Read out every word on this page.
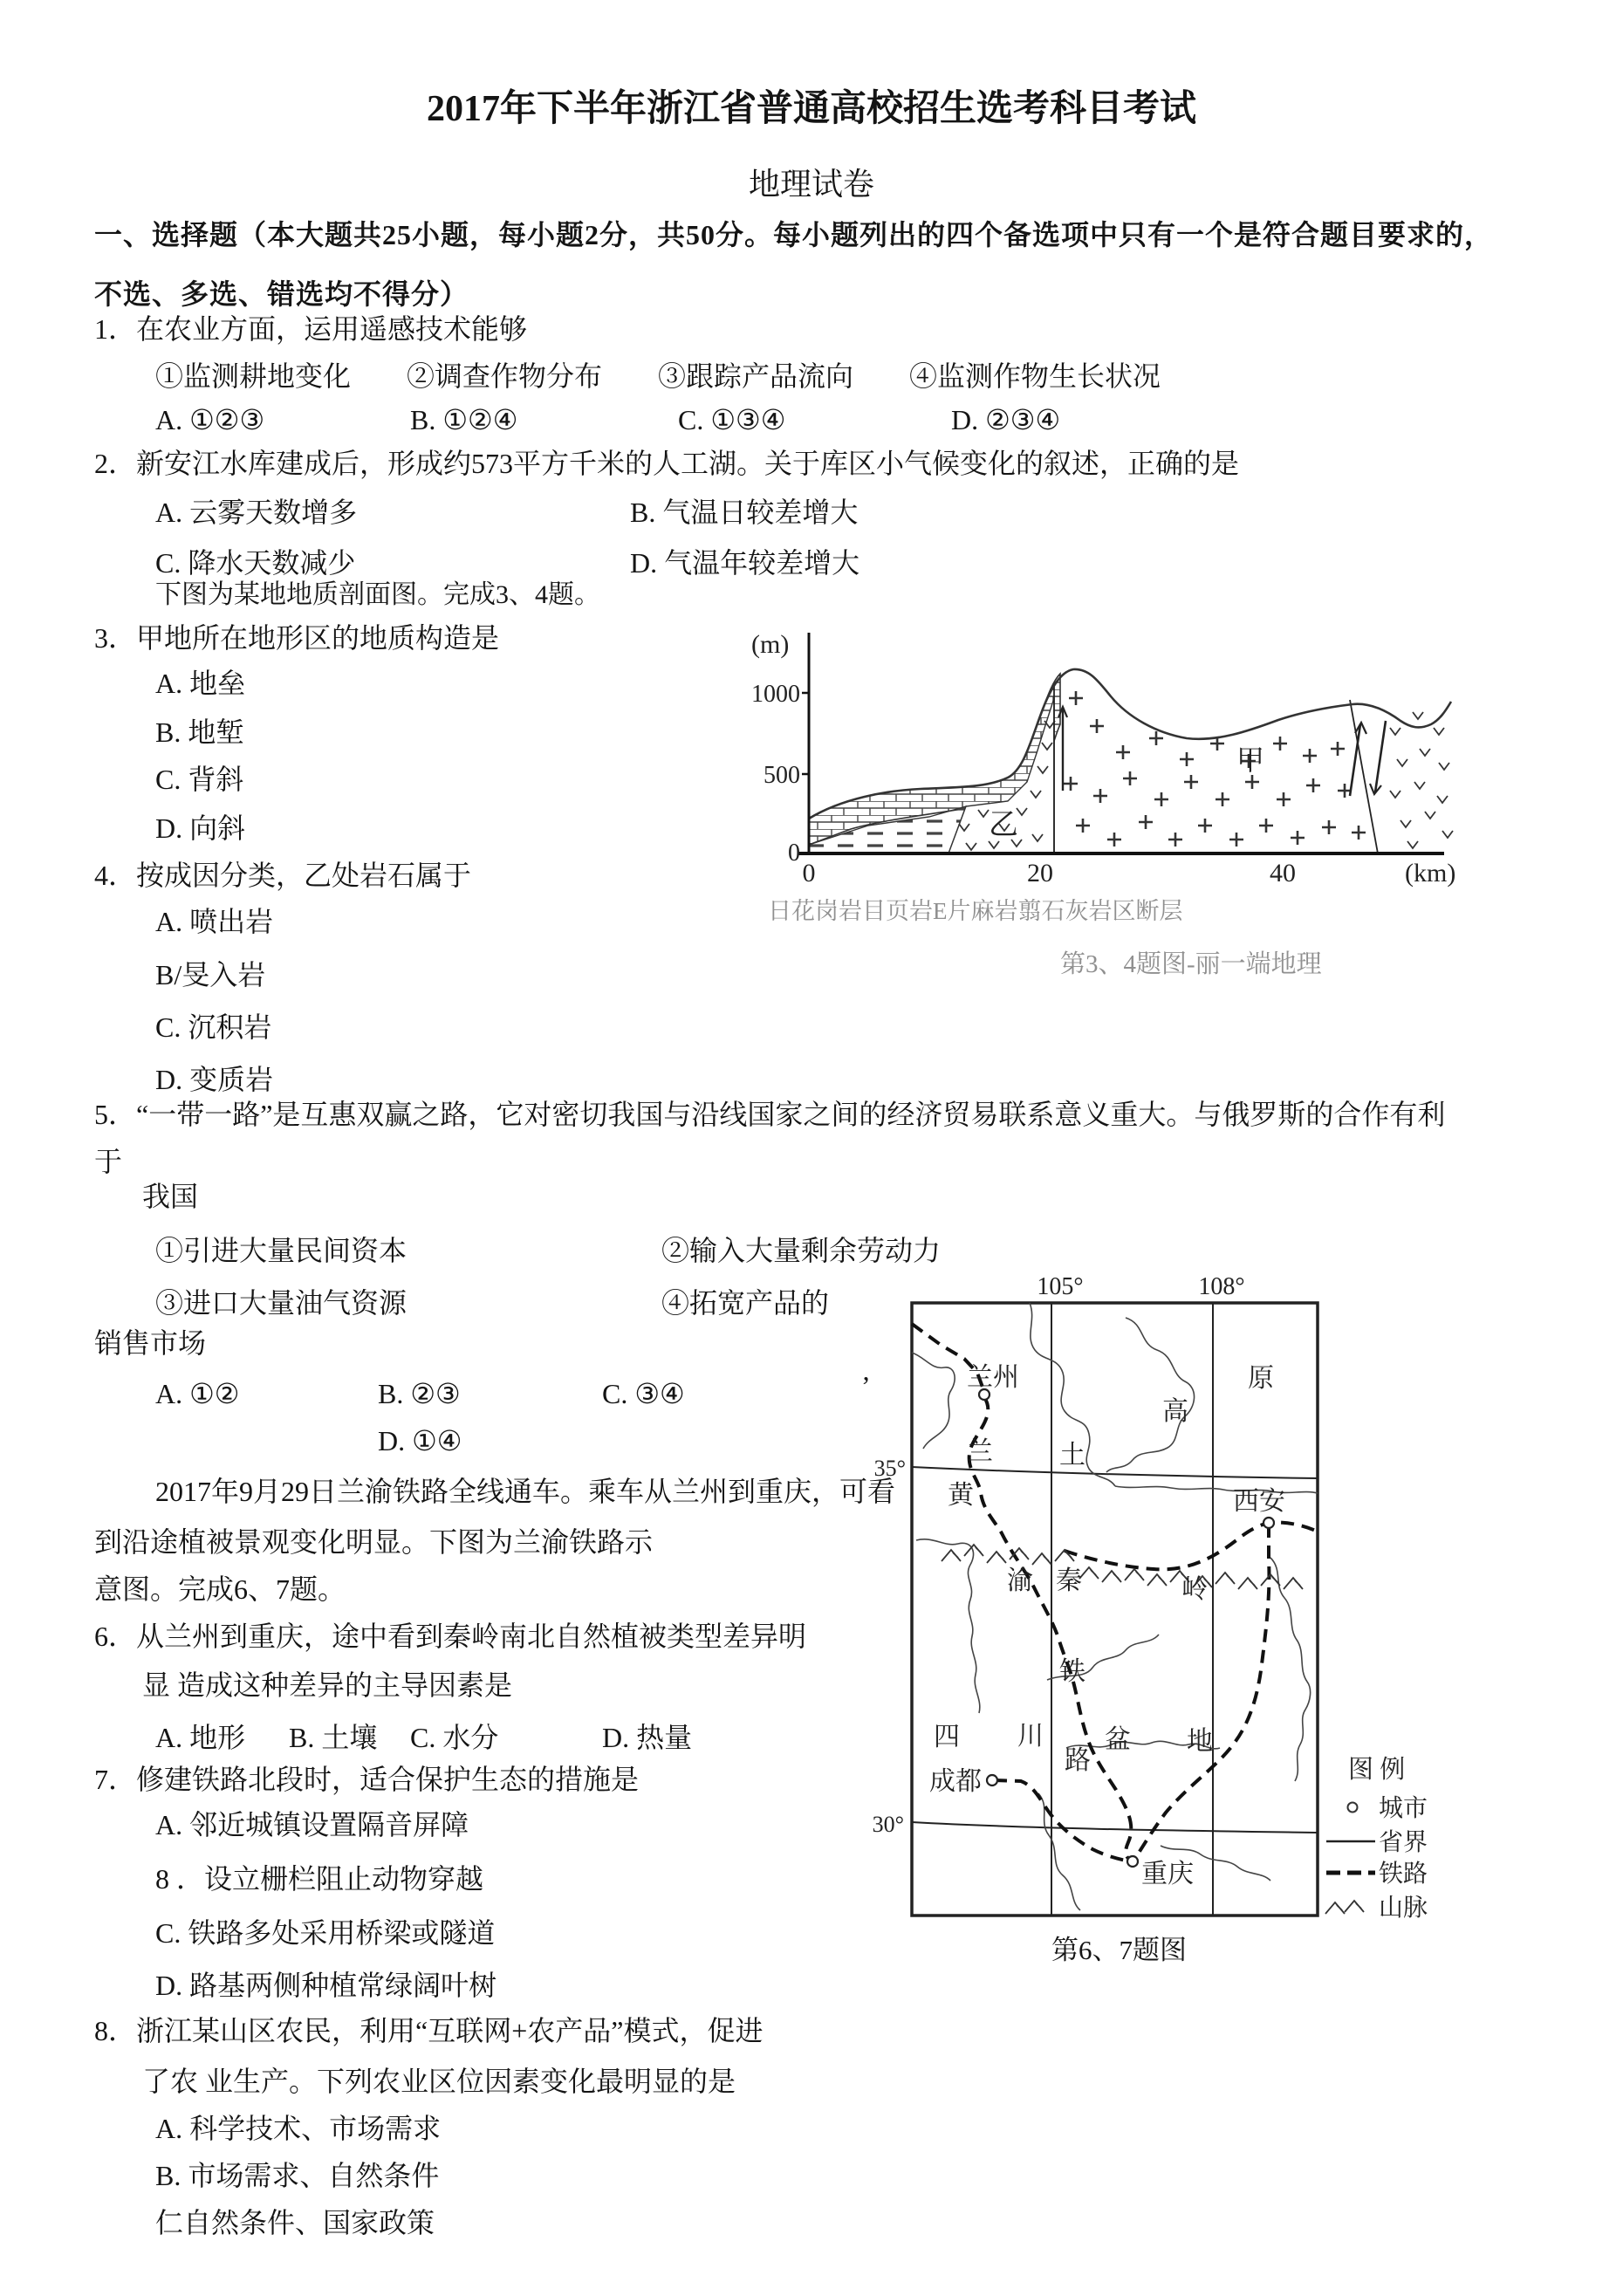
2017年下半年浙江省普通高校招生选考科目考试
地理试卷
一、选择题（本大题共25小题，每小题2分，共50分。每小题列出的四个备选项中只有一个是符合题目要求的，
不选、多选、错选均不得分）
1．在农业方面，运用遥感技术能够
①监测耕地变化　　②调查作物分布　　③跟踪产品流向　　④监测作物生长状况
A. ①②③	B. ①②④	C. ①③④	D. ②③④
2．新安江水库建成后，形成约573平方千米的人工湖。关于库区小气候变化的叙述，正确的是
A. 云雾天数增多	B. 气温日较差增大
C. 降水天数减少	D. 气温年较差增大
下图为某地地质剖面图。完成3、4题。
3．甲地所在地形区的地质构造是
A. 地垒
B. 地堑
C. 背斜
D. 向斜
4．按成因分类，乙处岩石属于
A. 喷出岩
B/旻入岩
C. 沉积岩
D. 变质岩
5．“一带一路”是互惠双赢之路，它对密切我国与沿线国家之间的经济贸易联系意义重大。与俄罗斯的合作有利
于
我国
①引进大量民间资本	②输入大量剩余劳动力
③进口大量油气资源	④拓宽产品的
销售市场
A. ①②	B. ②③	C. ③④	’
D. ①④
2017年9月29日兰渝铁路全线通车。乘车从兰州到重庆，可看
到沿途植被景观变化明显。下图为兰渝铁路示
意图。完成6、7题。
6．从兰州到重庆，途中看到秦岭南北自然植被类型差异明
显 造成这种差异的主导因素是
A. 地形 B. 土壤 C. 水分	D. 热量
7．修建铁路北段时，适合保护生态的措施是
A. 邻近城镇设置隔音屏障
8 ．设立栅栏阻止动物穿越
C. 铁路多处采用桥梁或隧道
D. 路基两侧种植常绿阔叶树
8．浙江某山区农民，利用“互联网+农产品”模式，促进
了农 业生产。下列农业区位因素变化最明显的是
A. 科学技术、市场需求
B. 市场需求、自然条件
仁自然条件、国家政策
(m)
1000
500
0
0	20	40	(km)
甲
乙
日花岗岩目页岩E片麻岩翦石灰岩区断层
第3、4题图-丽一端地理
105°	108°
35°
30°
兰州
西安
成都
重庆
黄
兰	土
高
原
渝 秦	岭
铁
路
四 川 盆 地
图 例
城市
省界
铁路
山脉
第6、7题图
